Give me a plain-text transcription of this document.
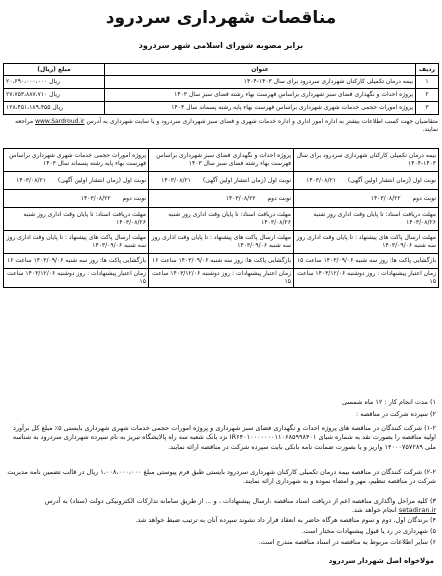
مناقصات شهرداری سردرود
برابر مصوبه شورای اسلامی شهر سردرود
ردیف	عنوان	مبلغ (ریال)
۱	بیمه درمان تکمیلی کارکنان شهرداری سردرود برای سال ۱۴۰۳-۱۴۰۴	۲۰،۶۹۰،۰۰۰،۰۰۰ ریال
۲	پروژه احداث و نگهداری فضای سبز شهرداری براساس فهرست بهاء رشته فضای سبز سال ۱۴۰۳	۲۷،۷۵۳،۸۸۷،۷۱۰ ریال
۳	پروژه امورات حجمی خدمات شهری شهرداری براساس فهرست بهاء پایه رشته پسماند سال ۱۴۰۳	۱۲۸،۴۵۱،۱۸۹،۴۵۵ ریال
متقاضیان جهت کسب اطلاعات بیشتر به اداره امور اداری و اداره خدمات شهری و فضای سبز شهرداری سردرود و یا سایت شهرداری به آدرس www.Sardroud.ir مراجعه نمایند.
بیمه درمان تکمیلی کارکنان شهرداری سردرود برای سال ۱۴۰۳-۱۴۰۴	پروژه احداث و نگهداری فضای سبز شهرداری براساس فهرست بهاء رشته فضای سبز سال ۱۴۰۳	پروژه امورات حجمی خدمات شهری شهرداری براساس فهرست بهاء پایه رشته پسماند سال ۱۴۰۳
نوبت اول (زمان انتشار اولین آگهی) ۱۴۰۳/۰۸/۲۱	نوبت اول (زمان انتشار اولین آگهی) ۱۴۰۳/۰۸/۲۱	نوبت اول (زمان انتشار اولین آگهی) ۱۴۰۳/۰۸/۲۱
نوبت دوم ۱۴۰۳/۰۸/۲۲	نوبت دوم ۱۴۰۳/۰۸/۲۲	نوبت دوم ۱۴۰۳/۰۸/۲۲
مهلت دریافت اسناد: تا پایان وقت اداری روز شنبه ۱۴۰۳/۰۸/۲۶	مهلت دریافت اسناد: تا پایان وقت اداری روز شنبه ۱۴۰۳/۰۸/۲۶	مهلت دریافت اسناد: تا پایان وقت اداری روز شنبه ۱۴۰۳/۰۸/۲۶
مهلت ارسال پاکت های پیشنهاد : تا پایان وقت اداری روز سه شنبه ۱۴۰۳/۰۹/۰۶	مهلت ارسال پاکت های پیشنهاد : تا پایان وقت اداری روز سه شنبه ۱۴۰۳/۰۹/۰۶	مهلت ارسال پاکت های پیشنهاد : تا پایان وقت اداری روز سه شنبه ۱۴۰۳/۰۹/۰۶
بازگشایی پاکت ها: روز سه شنبه ۱۴۰۳/۰۹/۰۶ ساعت ۱۵	بازگشایی پاکت ها: روز سه شنبه ۱۴۰۳/۰۹/۰۶ ساعت ۱۶	بازگشایی پاکت ها: روز سه شنبه ۱۴۰۳/۰۹/۰۶ ساعت ۱۶
زمان اعتبار پیشنهادات : روز دوشنبه ۱۴۰۳/۱۲/۰۶ ساعت ۱۵	زمان اعتبار پیشنهادات : روز دوشنبه ۱۴۰۳/۱۲/۰۶ ساعت ۱۵	زمان اعتبار پیشنهادات : روز دوشنبه ۱۴۰۳/۱۲/۰۶ ساعت ۱۵
۱) مدت انجام کار : ۱۲ ماه شمسی
۲) سپرده شرکت در مناقصه :
۱-۲) شرکت کنندگان در مناقصه های پروژه احداث و نگهداری فضای سبز شهرداری و پروژه امورات حجمی خدمات شهری شهرداری بایستی ۵٪ مبلغ کل برآورد اولیه مناقصه را بصورت نقد به شماره شبای IR۶۴۰۱۰۰۰۰۰۰۰۱۱۰۶۸۵۹۹۸۴۰۱ نزد بانک شعبه سه راه پالایشگاه تبریز به نام سپرده شهرداری سردرود به شناسه ملی ۱۴۰۰۰۷۵۷۲۸۹ واریز و یا بصورت ضمانت نامه بانکی بابت سپرده شرکت در مناقصه ارائه نمایند.
۲-۲) شرکت کنندگان در مناقصه بیمه درمان تکمیلی کارکنان شهرداری سردرود بایستی طبق فرم پیوستی مبلغ ۱،۰۰۸،۰۰۰،۰۰۰ ریال در قالب تضمین نامه مدیریت شرکت در مناقصه تنظیم، مهر و امضاء نموده و به شهرداری ارائه نمایند.
۳) کلیه مراحل واگذاری مناقصه اعم از دریافت اسناد مناقصه ،ارسال پیشنهادات ، و ... از طریق سامانه تدارکات الکترونیکی دولت (ستاد) به آدرس setadiran.ir انجام خواهد شد.
۴) برندگان اول، دوم و سوم مناقصه هرگاه حاضر به انعقاد قرار داد نشوند سپرده آنان به ترتیب ضبط خواهد شد.
۵) شهرداری در رد یا قبول پیشنهادات مختار است.
۶) سایر اطلاعات مربوط به مناقصه در اسناد مناقصه مندرج است.
مولاخواه اصل شهردار سردرود
